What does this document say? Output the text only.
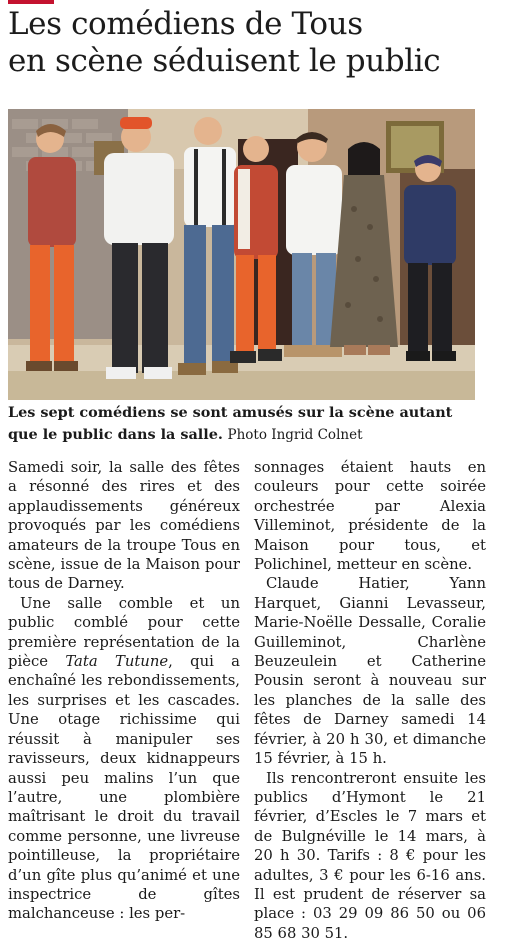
Les comédiens de Tous
en scène séduisent le public

Les sept comédiens se sont amusés sur la scène autant que le public dans la salle. Photo Ingrid Colnet

Samedi soir, la salle des fêtes a résonné des rires et des applaudissements généreux provoqués par les comédiens amateurs de la troupe Tous en scène, issue de la Maison pour tous de Darney.

Une salle comble et un public comblé pour cette première représentation de la pièce Tata Tutune, qui a enchaîné les rebondissements, les surprises et les cascades. Une otage richissime qui réussit à manipuler ses ravisseurs, deux kidnappeurs aussi peu malins l’un que l’autre, une plombière maîtrisant le droit du travail comme personne, une livreuse pointilleuse, la propriétaire d’un gîte plus qu’animé et une inspectrice de gîtes malchanceuse : les per-

sonnages étaient hauts en couleurs pour cette soirée orchestrée par Alexia Villeminot, présidente de la Maison pour tous, et Polichinel, metteur en scène.

Claude Hatier, Yann Harquet, Gianni Levasseur, Marie-Noëlle Dessalle, Coralie Guilleminot, Charlène Beuzeulein et Catherine Pousin seront à nouveau sur les planches de la salle des fêtes de Darney samedi 14 février, à 20 h 30, et dimanche 15 février, à 15 h.

Ils rencontreront ensuite les publics d’Hymont le 21 février, d’Escles le 7 mars et de Bulgnéville le 14 mars, à 20 h 30. Tarifs : 8 € pour les adultes, 3 € pour les 6-16 ans. Il est prudent de réserver sa place : 03 29 09 86 50 ou 06 85 68 30 51.
